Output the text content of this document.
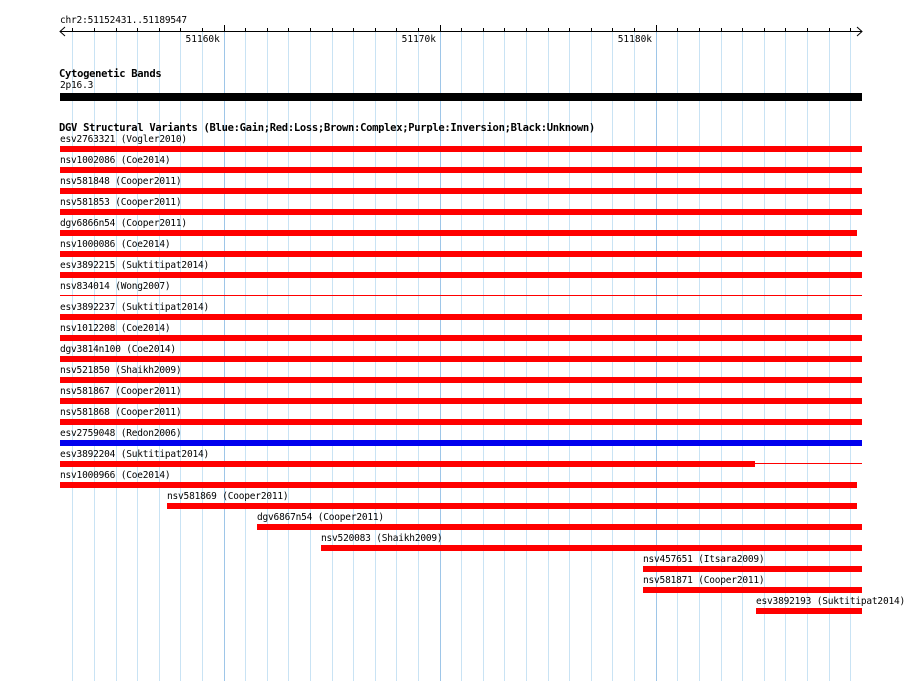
chr2:51152431..51189547
Cytogenetic Bands
2p16.3
DGV Structural Variants (Blue:Gain;Red:Loss;Brown:Complex;Purple:Inversion;Black:Unknown)
esv2763321 (Vogler2010)
nsv1002086 (Coe2014)
nsv581848 (Cooper2011)
nsv581853 (Cooper2011)
dgv6866n54 (Cooper2011)
nsv1000086 (Coe2014)
esv3892215 (Suktitipat2014)
nsv834014 (Wong2007)
esv3892237 (Suktitipat2014)
nsv1012208 (Coe2014)
dgv3814n100 (Coe2014)
nsv521850 (Shaikh2009)
nsv581867 (Cooper2011)
nsv581868 (Cooper2011)
esv2759048 (Redon2006)
esv3892204 (Suktitipat2014)
nsv1000966 (Coe2014)
nsv581869 (Cooper2011)
dgv6867n54 (Cooper2011)
nsv520083 (Shaikh2009)
nsv457651 (Itsara2009)
nsv581871 (Cooper2011)
esv3892193 (Suktitipat2014)
51160k	51170k	51180k
